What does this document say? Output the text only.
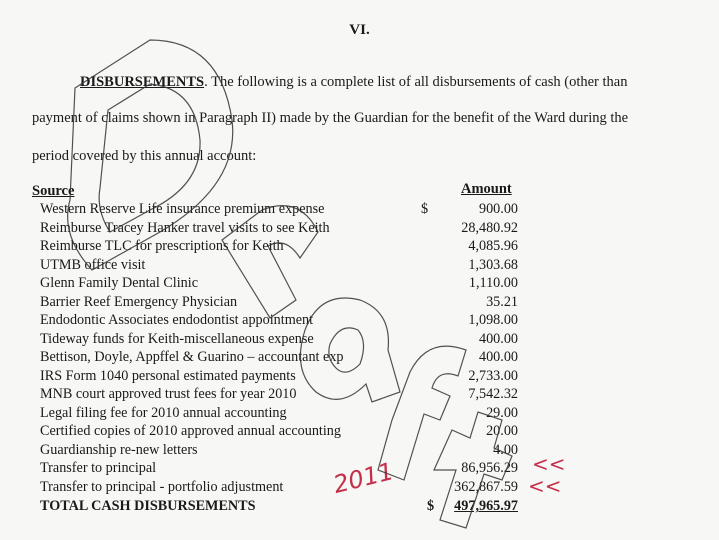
VI.
DISBURSEMENTS. The following is a complete list of all disbursements of cash (other than
payment of claims shown in Paragraph II) made by the Guardian for the benefit of the Ward during the
period covered by this annual account:
Source	Amount
Western Reserve Life insurance premium expense	$	900.00
Reimburse Tracey Hanker travel visits to see Keith	28,480.92
Reimburse TLC for prescriptions for Keith	4,085.96
UTMB office visit	1,303.68
Glenn Family Dental Clinic	1,110.00
Barrier Reef Emergency Physician	35.21
Endodontic Associates endodontist appointment	1,098.00
Tideway funds for Keith-miscellaneous expense	400.00
Bettison, Doyle, Appffel & Guarino – accountant exp	400.00
IRS Form 1040 personal estimated payments	2,733.00
MNB court approved trust fees for year 2010	7,542.32
Legal filing fee for 2010 annual accounting	29.00
Certified copies of 2010 approved annual accounting	20.00
Guardianship re-new letters	4.00
Transfer to principal	86,956.29
Transfer to principal - portfolio adjustment	362,867.59
TOTAL CASH DISBURSEMENTS	$ 497,965.97
2011	<<
<<
